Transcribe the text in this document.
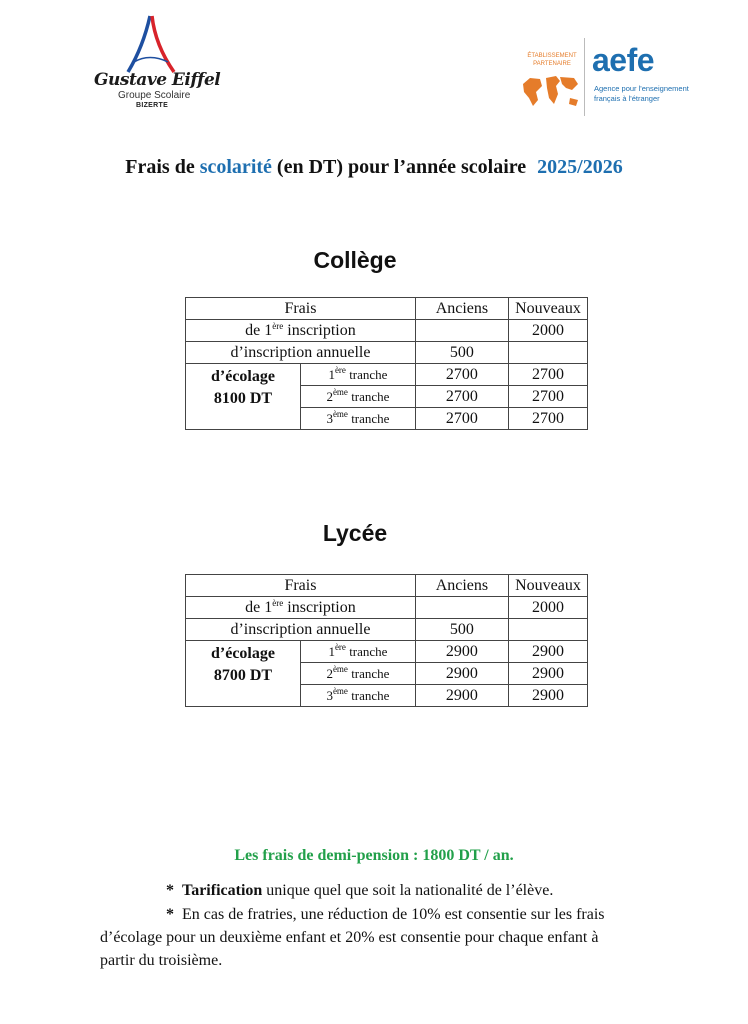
Gustave Eiffel
Groupe Scolaire
BIZERTE
ÉTABLISSEMENT PARTENAIRE aefe
Agence pour l'enseignement français à l'étranger
Frais de scolarité (en DT) pour l’année scolaire 2025/2026
Collège
Frais		Anciens	Nouveaux
de 1ère inscription			2000
d’inscription annuelle		500	

d’écolage
8100 DT	1ère tranche	2700	2700
	2ème tranche	2700	2700
	3ème tranche	2700	2700
Lycée
Frais		Anciens	Nouveaux
de 1ère inscription			2000
d’inscription annuelle		500	

d’écolage
8700 DT	1ère tranche	2900	2900
	2ème tranche	2900	2900
	3ème tranche	2900	2900
Les frais de demi-pension : 1800 DT / an.
* Tarification unique quel que soit la nationalité de l’élève.
*  En cas de fratries, une réduction de 10% est consentie sur les frais
d’écolage pour un deuxième enfant et 20% est consentie pour chaque enfant à
partir du troisième.
